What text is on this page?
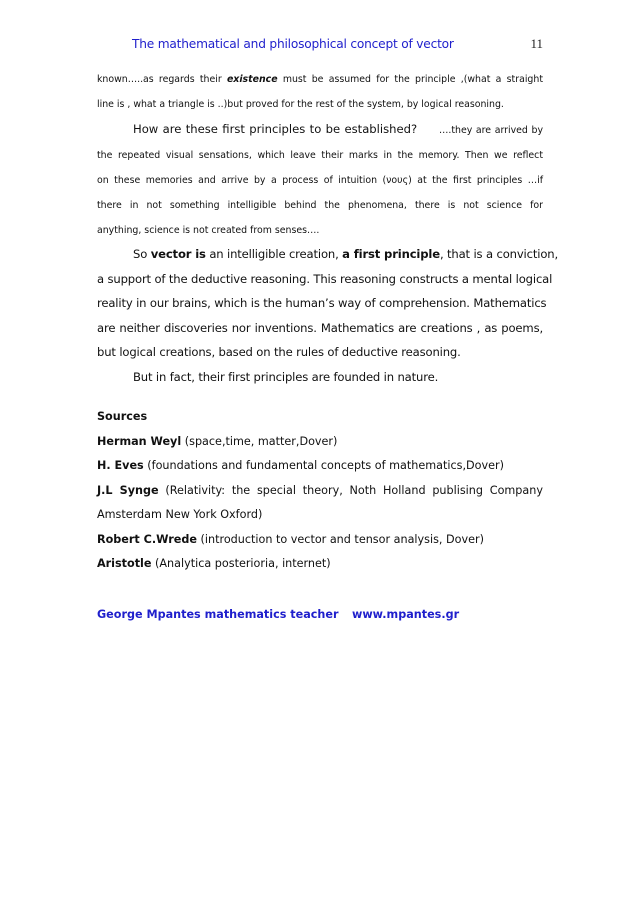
The mathematical and philosophical concept of vector	11
known…..as regards their existence must be assumed for the principle ,(what a straight
line is , what a triangle is ..)but proved for the rest of the system, by logical reasoning.
How are these first principles to be established? ….they are arrived by
the repeated visual sensations, which leave their marks in the memory. Then we reflect
on these memories and arrive by a process of intuition (νους) at the first principles …if
there in not something intelligible behind the phenomena, there is not science for
anything, science is not created from senses….
So vector is an intelligible creation, a first principle, that is a conviction,
a support of the deductive reasoning. This reasoning constructs a mental logical
reality in our brains, which is the human’s way of comprehension. Mathematics
are neither discoveries nor inventions. Mathematics are creations , as poems,
but logical creations, based on the rules of deductive reasoning.
But in fact, their first principles are founded in nature.
Sources
Herman Weyl (space,time, matter,Dover)
H. Eves (foundations and fundamental concepts of mathematics,Dover)
J.L Synge (Relativity: the special theory, Noth Holland publising Company
Amsterdam New York Oxford)
Robert C.Wrede (introduction to vector and tensor analysis, Dover)
Aristotle (Analytica posterioria, internet)
George Mpantes mathematics teacher www.mpantes.gr
